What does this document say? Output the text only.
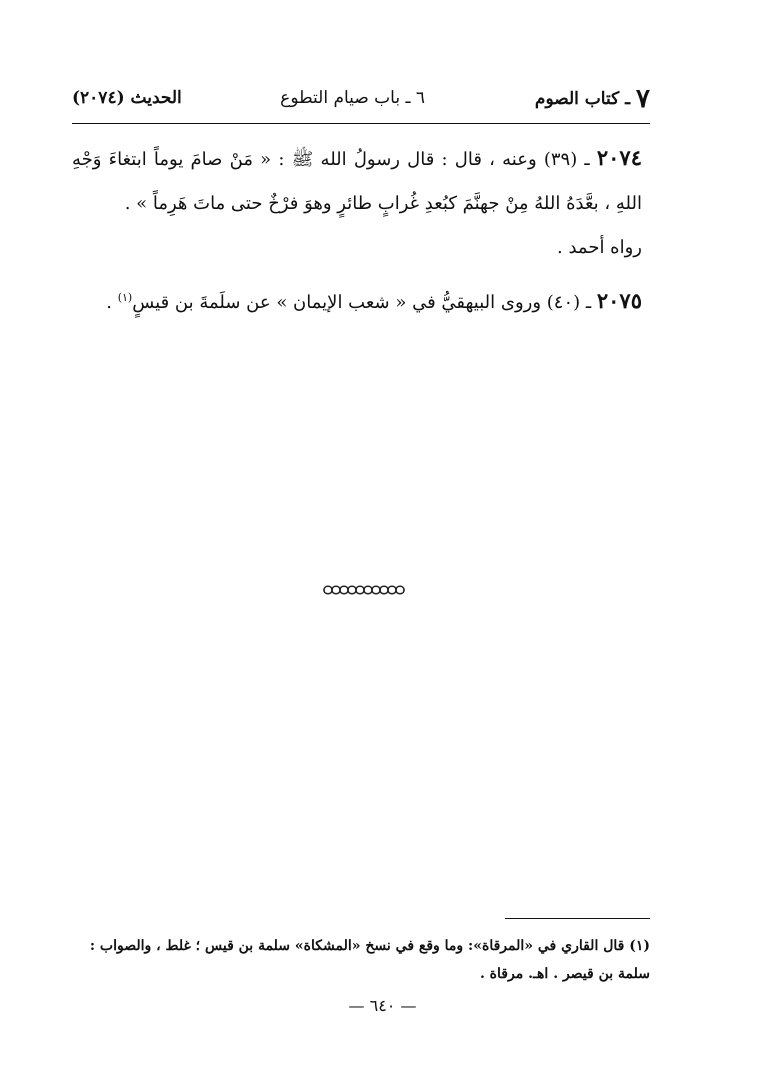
٧ ـ كتاب الصوم
٦ ـ باب صيام التطوع
الحديث (٢٠٧٤)

٢٠٧٤ ـ (٣٩) وعنه ، قال : قال رسولُ الله ﷺ : « مَنْ صامَ يوماً ابتغاءَ وَجْهِ اللهِ ، بعَّدَهُ اللهُ مِنْ جهنَّمَ كبُعدِ غُرابٍ طائرٍ وهوَ فرْخٌ حتى ماتَ هَرِماً » .
رواه أحمد .

٢٠٧٥ ـ (٤٠) وروى البيهقيُّ في « شعب الإيمان » عن سلَمةَ بن قيسٍ$^{(١)}$ .

(١) قال القاري في «المرقاة»: وما وقع في نسخ «المشكاة» سلمة بن قيس ؛ غلط ، والصواب :

سلمة بن قيصر . اهـ. مرقاة .

— ٦٤٠ —
